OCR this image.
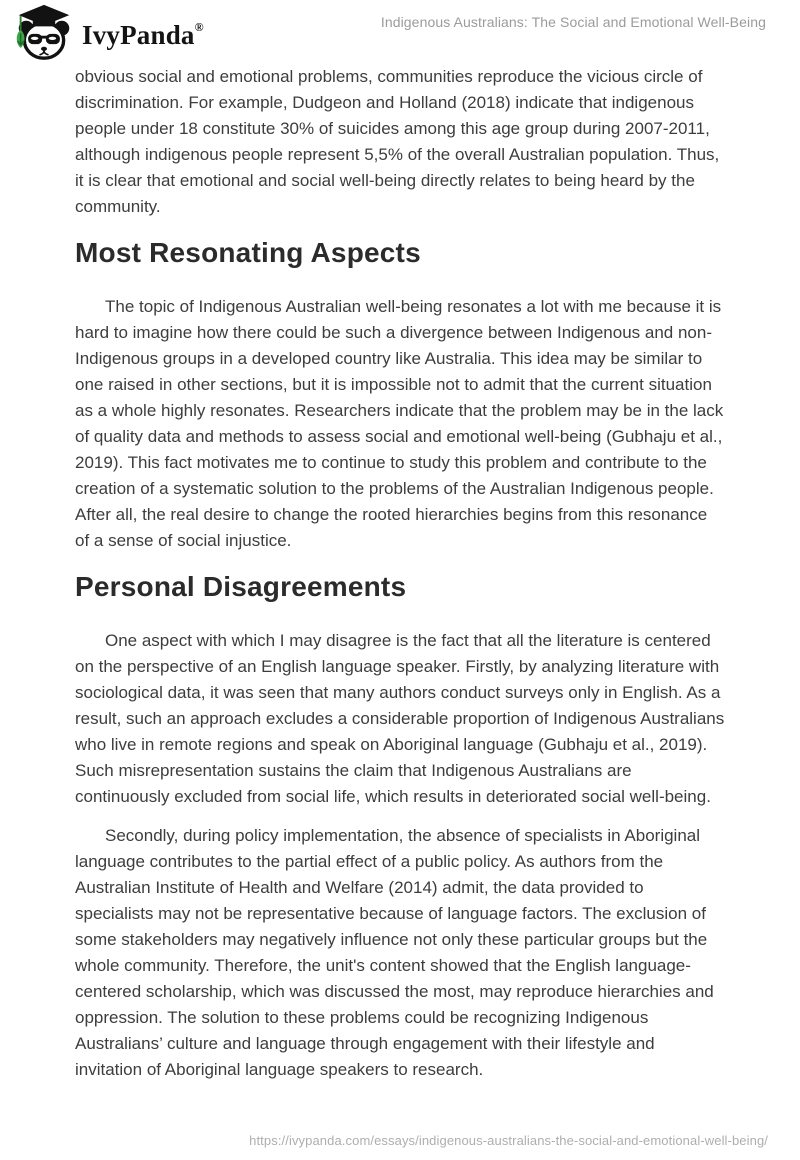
IvyPanda®	Indigenous Australians: The Social and Emotional Well-Being

obvious social and emotional problems, communities reproduce the vicious circle of discrimination. For example, Dudgeon and Holland (2018) indicate that indigenous people under 18 constitute 30% of suicides among this age group during 2007-2011, although indigenous people represent 5,5% of the overall Australian population. Thus, it is clear that emotional and social well-being directly relates to being heard by the community.

Most Resonating Aspects

The topic of Indigenous Australian well-being resonates a lot with me because it is hard to imagine how there could be such a divergence between Indigenous and non-Indigenous groups in a developed country like Australia. This idea may be similar to one raised in other sections, but it is impossible not to admit that the current situation as a whole highly resonates. Researchers indicate that the problem may be in the lack of quality data and methods to assess social and emotional well-being (Gubhaju et al., 2019). This fact motivates me to continue to study this problem and contribute to the creation of a systematic solution to the problems of the Australian Indigenous people. After all, the real desire to change the rooted hierarchies begins from this resonance of a sense of social injustice.

Personal Disagreements

One aspect with which I may disagree is the fact that all the literature is centered on the perspective of an English language speaker. Firstly, by analyzing literature with sociological data, it was seen that many authors conduct surveys only in English. As a result, such an approach excludes a considerable proportion of Indigenous Australians who live in remote regions and speak on Aboriginal language (Gubhaju et al., 2019). Such misrepresentation sustains the claim that Indigenous Australians are continuously excluded from social life, which results in deteriorated social well-being.

Secondly, during policy implementation, the absence of specialists in Aboriginal language contributes to the partial effect of a public policy. As authors from the Australian Institute of Health and Welfare (2014) admit, the data provided to specialists may not be representative because of language factors. The exclusion of some stakeholders may negatively influence not only these particular groups but the whole community. Therefore, the unit's content showed that the English language-centered scholarship, which was discussed the most, may reproduce hierarchies and oppression. The solution to these problems could be recognizing Indigenous Australians’ culture and language through engagement with their lifestyle and invitation of Aboriginal language speakers to research.

https://ivypanda.com/essays/indigenous-australians-the-social-and-emotional-well-being/
